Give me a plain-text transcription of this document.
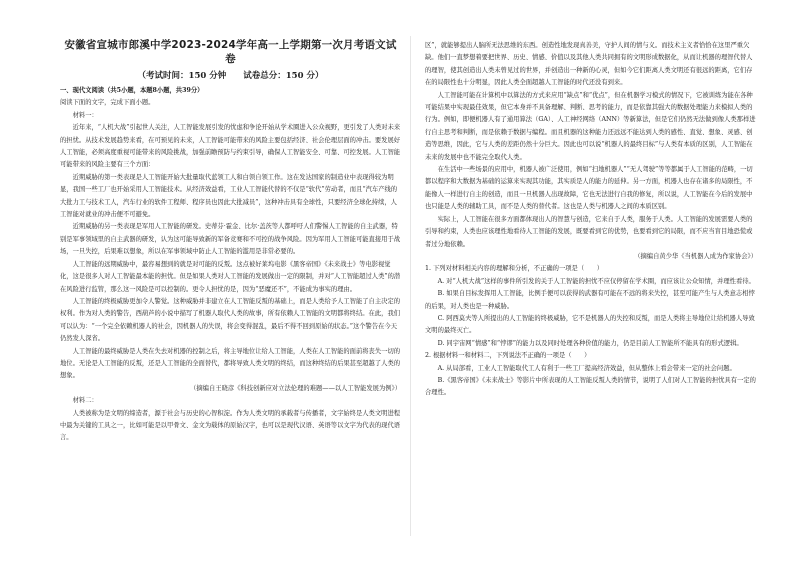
安徽省宣城市郎溪中学2023-2024学年高一上学期第一次月考语文试卷
（考试时间：150 分钟　　试卷总分：150 分）

一、现代文阅读（共5小题，本题8小题，共39分）

阅读下面的文字，完成下面小题。

材料一：

近年来，“人机大战”引起世人关注，人工智能发展引发的忧虑和争论开始从学术圈进入公众视野，更引发了人类对未来的担忧。从技术发展趋势来看，在可预见的未来，人工智能可能带来的风险主要包括经济、社会伦理层面的冲击。要发展好人工智能，必须高度重视可能带来的风险挑战，加强前瞻预防与约束引导，确保人工智能安全、可靠、可控发展。人工智能可能带来的风险主要有三个方面：

近期威胁的第一类表现是人工智能开始大批量取代蓝领工人和白领自领工作。这在发达国家的制造业中表现得较为明显，我国一些工厂也开始采用人工智能技术。从经济效益看，工业人工智能代替的不仅是“软代”劳动者，而且“汽车产线的大批力工与技术工人，汽车行业的软件工程师、程序员也因此大批减员”，这种冲击具有全球性，只要经济全球化持续，人工智能对就业的冲击便不可避免。

近期威胁的另一类表现是军用人工智能的研发。史蒂芬·霍金、比尔·盖茨等人都呼吁人们警惕人工智能的自主武器，特别是军事领域里的自主武器的研发，认为这可能导致新的军备竞赛和不可控的战争风险。因为军用人工智能可能直接用于战场，一旦失控，后果难以想象，所以在军事领域中防止人工智能的滥用是非常必要的。

人工智能的远期威胁中，最容易想到的就是对可能的反叛。这点被好莱坞电影《黑客帝国》《未来战士》等电影视觉化，这是很多人对人工智能最本能的担忧。但是如果人类对人工智能的发展做出一定的限制，并对“人工智能超过人类”的潜在风险进行监管，那么这一风险是可以控制的。更令人担忧的是，因为“恶魔还不”，不能成为事实的理由。

人工智能的终极威胁更加令人警觉。这种威胁并非建立在人工智能反叛的基础上，而是人类给予人工智能了自主决定的权利。作为对人类的警告，西葫芦的小说中描写了机器人取代人类的故事，所有依赖人工智能的文明都将终结。在此，我们可以认为：“一个完全依赖机器人的社会，因机器人的失误，将会变得混乱，最后不得不回到原始的状态。”这个警告在今天仍然发人深省。

人工智能的最终威胁是人类在失去对机器的控制之后，将主导地位让给人工智能，人类在人工智能的面前将丧失一切的地位。无论是人工智能的反叛，还是人工智能的全面替代，都将导致人类文明的终结，而这种终结的后果甚至超越了人类的想象。

（摘编自王晓彦《科技创新应对立法伦理的难题——以人工智能发展为例》）

材料二：

人类被称为是文明的缔造者，源于社会与历史的心智积淀。作为人类文明的承载者与传播者，文字始终是人类文明进程中最为关键的工具之一，比如可能是以甲骨文、金文为载体的原始汉字，也可以是现代汉语、英语等以文字为代表的现代语言。

区”，就能够提出人脑所无法思维的东西。创造性地发现真善美，守护人间的情与义。而技术主义者恰恰在这里严重欠缺。他们一直梦想着要把世界、历史、情感、价值以及其他人类共同拥有的文明形成数据化，从而让机器的理智代替人的理智，使其创造出人类未曾见过的世界，并创造出一种新的心灵，但如今它们距离人类文明还有很远的距离，它们存在的局限性也十分明显，因此人类全面超越人工智能的时代还没有到来。

人工智能可能在计算机中以算法的方式来应用“缺点”和“优点”，但在机器学习模式的情况下，它被训练为能在各种可能结果中实现最佳效果，但它本身并不具备理解、判断、思考的能力，而是依靠其强大的数据处理能力来模拟人类的行为。例如，即便机器人有了通用算法（GA）、人工神经网络（ANN）等新算法，但是它们仍然无法做到像人类那样进行自主思考和判断，而是依赖于数据与编程。而且机器的这种能力还远远不能达到人类的感性、直觉、想象、灵感、创造等思维，因此，它与人类的差距仍然十分巨大。因此也可以说“机器人的最终目标”与人类有本质的区别，人工智能在未来的发展中也不能完全取代人类。

在生活中一些场景的应用中，机器人被广泛使用，例如“扫地机器人”“无人驾驶”等等都属于人工智能的范畴，一切都以程序和大数据为基础的运算来实现其功能，其实质是人的能力的延伸。另一方面，机器人也存在诸多的局限性，不能像人一样进行自主的创造，而且一旦机器人出现故障，它也无法进行自我的修复，所以说，人工智能在今后的发展中也只能是人类的辅助工具，而不是人类的替代者。这也是人类与机器人之间的本质区别。

实际上，人工智能在很多方面都体现出人的智慧与创造，它来自于人类，服务于人类。人工智能的发展需要人类的引导和约束，人类也应该理性地看待人工智能的发展，既要看到它的优势，也要看到它的局限，而不应当盲目地恐慌或者过分地依赖。

（摘编自黄少华《当机器人成为作家协会》）

1. 下列对材料相关内容的理解和分析，不正确的一项是（　　）

A. 对“人机大战”这样的事件所引发的关于人工智能的担忧不应仅停留在学术圈，而应该让公众知情，并理性看待。

B. 如果自目标发挥用人工智能，比例手便可以获得的武器有可能在不远的将来失控，甚至可能产生与人类意志相悖的后果，对人类也是一种威胁。

C. 阿西莫夫等人所提出的人工智能的终极威胁，它不是机器人的失控和反叛，而是人类将主导地位让给机器人导致文明的最终灭亡。

D. 同宇宙网“情感”和“悖谬”的能力以及同时处理各种价值的能力，仍是目前人工智能所不能具有的形式逻辑。

2. 根据材料一和材料二，下列说法不正确的一项是（　　）

A. 从局部看，工业人工智能取代工人有利于一些工厂提高经济效益，但从整体上看会带来一定的社会问题。

B.《黑客帝国》《未来战士》等影片中所表现的人工智能反叛人类的情节，说明了人们对人工智能的担忧具有一定的合理性。
